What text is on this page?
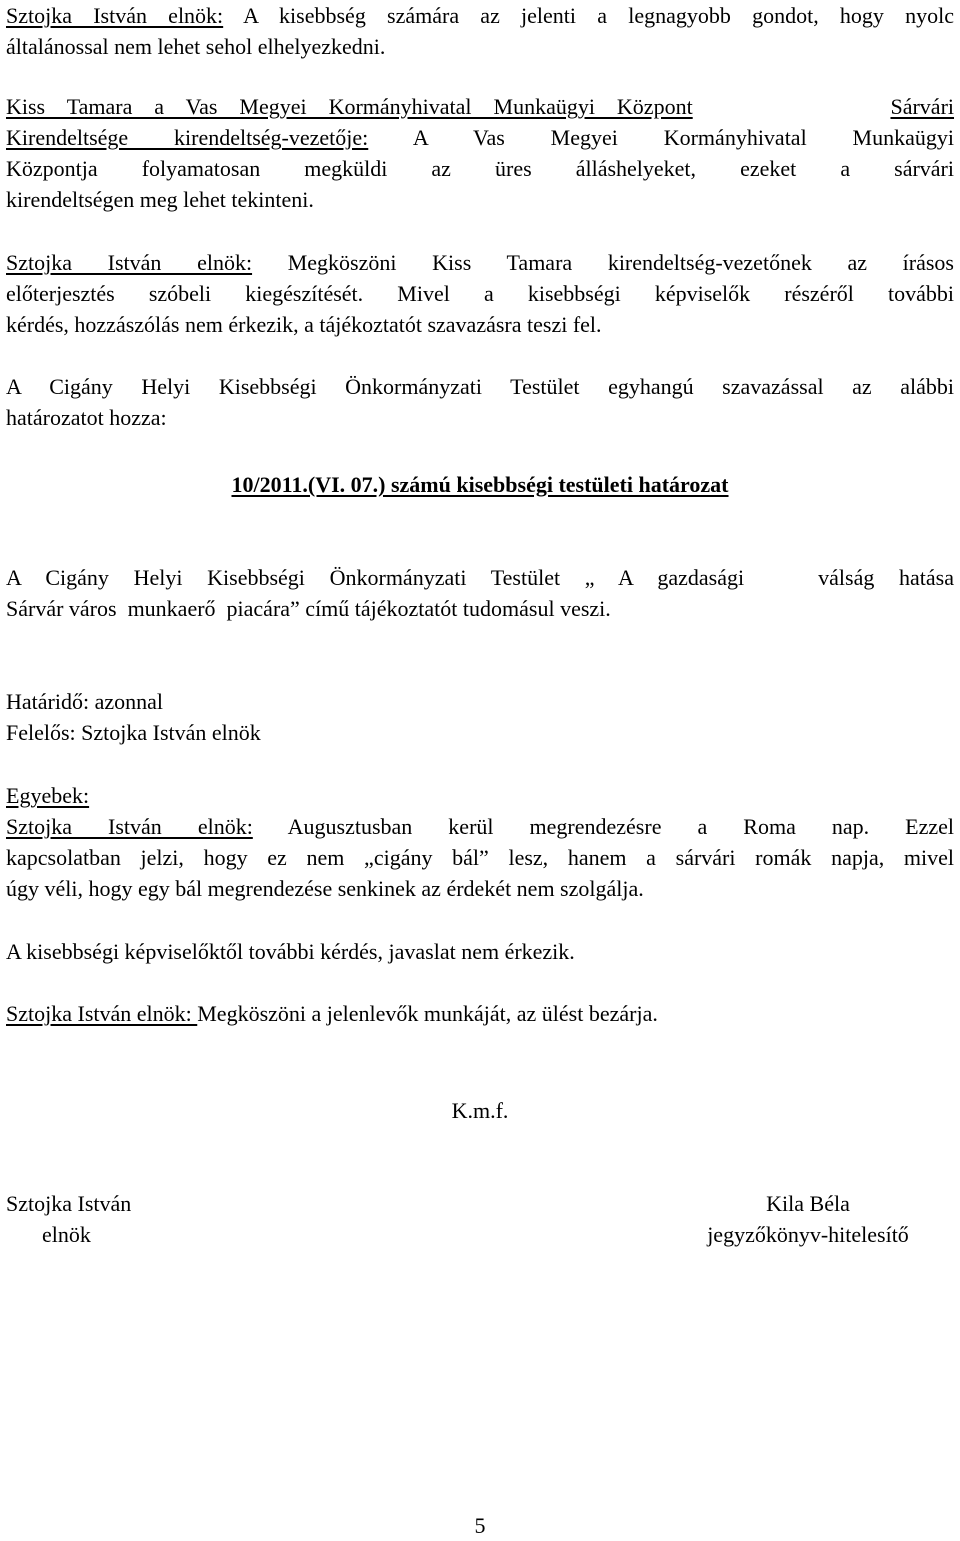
Sztojka István elnök: A kisebbség számára az jelenti a legnagyobb gondot, hogy nyolc
általánossal nem lehet sehol elhelyezkedni.
Kiss Tamara a Vas Megyei Kormányhivatal Munkaügyi Központ	Sárvári
Kirendeltsége kirendeltség-vezetője: A Vas Megyei Kormányhivatal Munkaügyi
Központja folyamatosan megküldi az üres álláshelyeket, ezeket a sárvári
kirendeltségen meg lehet tekinteni.
Sztojka István elnök: Megköszöni Kiss Tamara kirendeltség-vezetőnek az írásos
előterjesztés szóbeli kiegészítését. Mivel a kisebbségi képviselők részéről további
kérdés, hozzászólás nem érkezik, a tájékoztatót szavazásra teszi fel.
A Cigány Helyi Kisebbségi Önkormányzati Testület egyhangú szavazással az alábbi
határozatot hozza:
10/2011.(VI. 07.) számú kisebbségi testületi határozat
A Cigány Helyi Kisebbségi Önkormányzati Testület „ A gazdasági   válság hatása
Sárvár város  munkaerő  piacára” című tájékoztatót tudomásul veszi.
Határidő: azonnal
Felelős: Sztojka István elnök
Egyebek:
Sztojka István elnök: Augusztusban kerül megrendezésre a Roma nap. Ezzel
kapcsolatban jelzi, hogy ez nem „cigány bál” lesz, hanem a sárvári romák napja, mivel
úgy véli, hogy egy bál megrendezése senkinek az érdekét nem szolgálja.
A kisebbségi képviselőktől további kérdés, javaslat nem érkezik.
Sztojka István elnök: Megköszöni a jelenlevők munkáját, az ülést bezárja.
K.m.f.
Sztojka István
elnök
Kila Béla
jegyzőkönyv-hitelesítő
5
